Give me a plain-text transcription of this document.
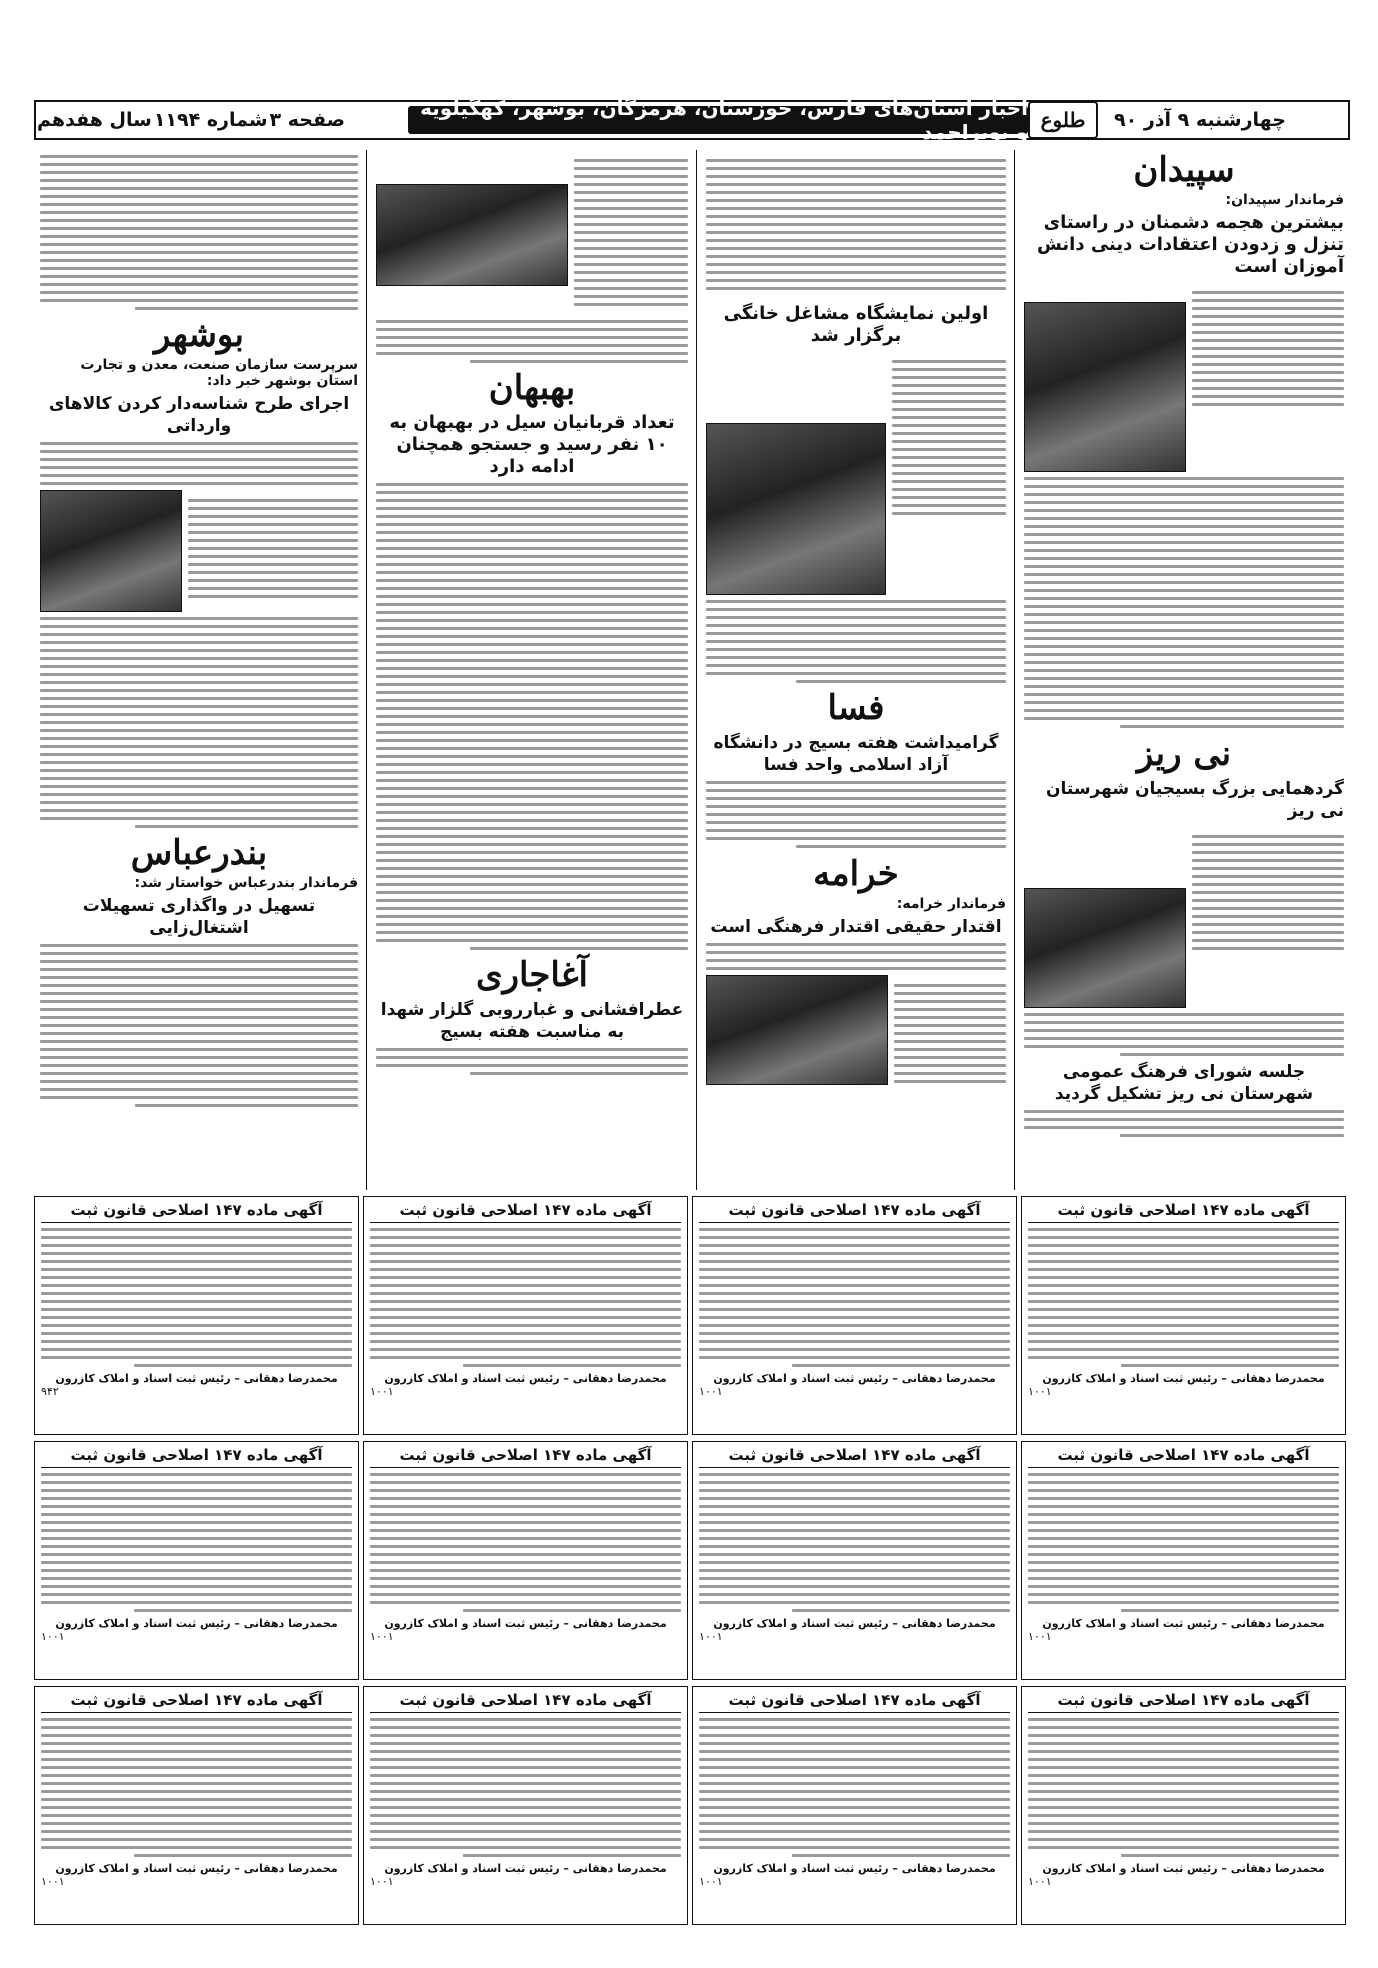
چهارشنبه ۹ آذر ۹۰
طلوع
اخبار استان‌های فارس، خوزستان، هرمزگان، بوشهر، کهگیلویه و بویراحمد
صفحه ۳
شماره ۱۱۹۴
سال هفدهم
سپیدان
فرماندار سپیدان:
بیشترین هجمه دشمنان در راستای تنزل و زدودن اعتقادات دینی دانش آموزان است
نی ریز
گردهمایی بزرگ بسیجیان شهرستان نی ریز
جلسه شورای فرهنگ عمومی شهرستان نی ریز تشکیل گردید
اولین نمایشگاه مشاغل خانگی برگزار شد
فسا
گرامیداشت هفته بسیج در دانشگاه آزاد اسلامی واحد فسا
خرامه
فرماندار خرامه:
اقتدار حقیقی اقتدار فرهنگی است
بهبهان
تعداد قربانیان سیل در بهبهان به ۱۰ نفر رسید و جستجو همچنان ادامه دارد
آغاجاری
عطرافشانی و غبارروبی گلزار شهدا به مناسبت هفته بسیج
بوشهر
سرپرست سازمان صنعت، معدن و تجارت استان بوشهر خبر داد:
اجرای طرح شناسه‌دار کردن کالاهای وارداتی
بندرعباس
فرماندار بندرعباس خواستار شد:
تسهیل در واگذاری تسهیلات اشتغال‌زایی
آگهی ماده ۱۴۷ اصلاحی قانون ثبت
محمدرضا دهقانی – رئیس ثبت اسناد و املاک کازرون
۱۰۰۱
آگهی ماده ۱۴۷ اصلاحی قانون ثبت
محمدرضا دهقانی – رئیس ثبت اسناد و املاک کازرون
۱۰۰۱
آگهی ماده ۱۴۷ اصلاحی قانون ثبت
محمدرضا دهقانی – رئیس ثبت اسناد و املاک کازرون
۱۰۰۱
آگهی ماده ۱۴۷ اصلاحی قانون ثبت
محمدرضا دهقانی – رئیس ثبت اسناد و املاک کازرون
۹۴۲
آگهی ماده ۱۴۷ اصلاحی قانون ثبت
محمدرضا دهقانی – رئیس ثبت اسناد و املاک کازرون
۱۰۰۱
آگهی ماده ۱۴۷ اصلاحی قانون ثبت
محمدرضا دهقانی – رئیس ثبت اسناد و املاک کازرون
۱۰۰۱
آگهی ماده ۱۴۷ اصلاحی قانون ثبت
محمدرضا دهقانی – رئیس ثبت اسناد و املاک کازرون
۱۰۰۱
آگهی ماده ۱۴۷ اصلاحی قانون ثبت
محمدرضا دهقانی – رئیس ثبت اسناد و املاک کازرون
۱۰۰۱
آگهی ماده ۱۴۷ اصلاحی قانون ثبت
محمدرضا دهقانی – رئیس ثبت اسناد و املاک کازرون
۱۰۰۱
آگهی ماده ۱۴۷ اصلاحی قانون ثبت
محمدرضا دهقانی – رئیس ثبت اسناد و املاک کازرون
۱۰۰۱
آگهی ماده ۱۴۷ اصلاحی قانون ثبت
محمدرضا دهقانی – رئیس ثبت اسناد و املاک کازرون
۱۰۰۱
آگهی ماده ۱۴۷ اصلاحی قانون ثبت
محمدرضا دهقانی – رئیس ثبت اسناد و املاک کازرون
۱۰۰۱
